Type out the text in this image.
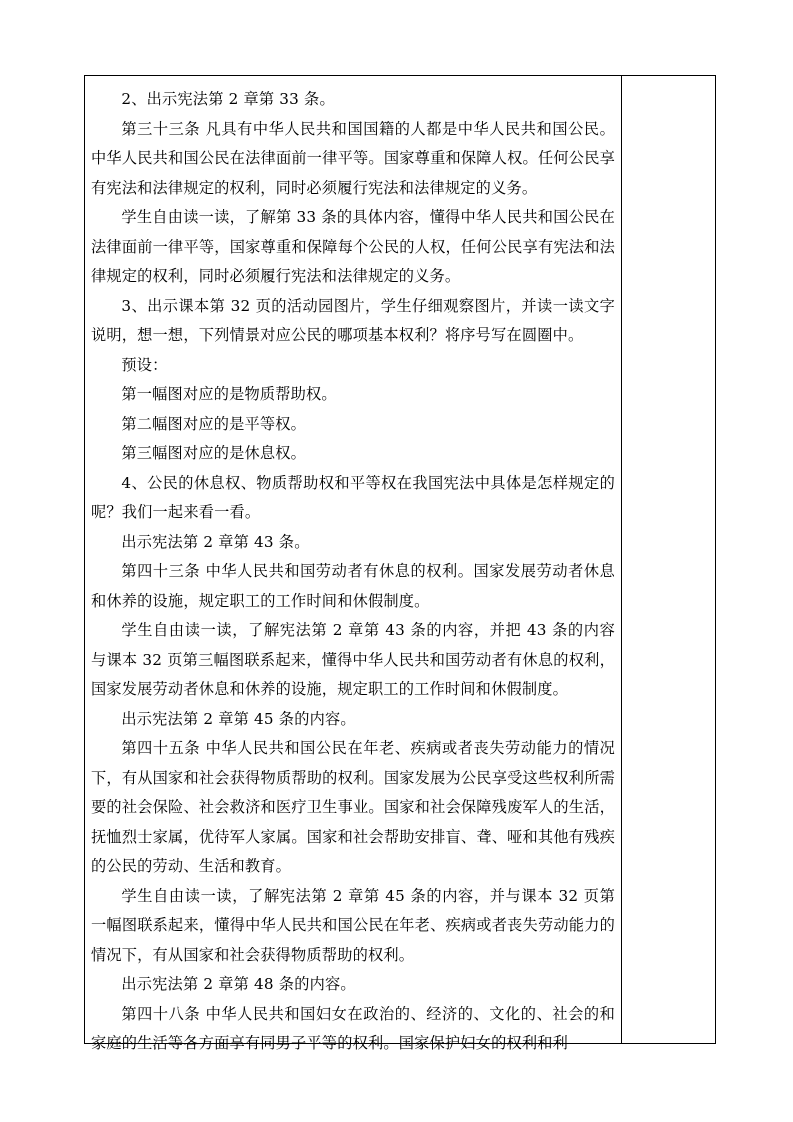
2、出示宪法第 2 章第 33 条。

第三十三条 凡具有中华人民共和国国籍的人都是中华人民共和国公民。中华人民共和国公民在法律面前一律平等。国家尊重和保障人权。任何公民享有宪法和法律规定的权利，同时必须履行宪法和法律规定的义务。

学生自由读一读，了解第 33 条的具体内容，懂得中华人民共和国公民在法律面前一律平等，国家尊重和保障每个公民的人权，任何公民享有宪法和法律规定的权利，同时必须履行宪法和法律规定的义务。

3、出示课本第 32 页的活动园图片，学生仔细观察图片，并读一读文字说明，想一想，下列情景对应公民的哪项基本权利？将序号写在圆圈中。

预设：

第一幅图对应的是物质帮助权。

第二幅图对应的是平等权。

第三幅图对应的是休息权。

4、公民的休息权、物质帮助权和平等权在我国宪法中具体是怎样规定的呢？我们一起来看一看。

出示宪法第 2 章第 43 条。

第四十三条 中华人民共和国劳动者有休息的权利。国家发展劳动者休息和休养的设施，规定职工的工作时间和休假制度。

学生自由读一读，了解宪法第 2 章第 43 条的内容，并把 43 条的内容与课本 32 页第三幅图联系起来，懂得中华人民共和国劳动者有休息的权利，国家发展劳动者休息和休养的设施，规定职工的工作时间和休假制度。

出示宪法第 2 章第 45 条的内容。

第四十五条 中华人民共和国公民在年老、疾病或者丧失劳动能力的情况下，有从国家和社会获得物质帮助的权利。国家发展为公民享受这些权利所需要的社会保险、社会救济和医疗卫生事业。国家和社会保障残废军人的生活，抚恤烈士家属，优待军人家属。国家和社会帮助安排盲、聋、哑和其他有残疾的公民的劳动、生活和教育。

学生自由读一读，了解宪法第 2 章第 45 条的内容，并与课本 32 页第一幅图联系起来，懂得中华人民共和国公民在年老、疾病或者丧失劳动能力的情况下，有从国家和社会获得物质帮助的权利。

出示宪法第 2 章第 48 条的内容。

第四十八条 中华人民共和国妇女在政治的、经济的、文化的、社会的和家庭的生活等各方面享有同男子平等的权利。国家保护妇女的权利和利
